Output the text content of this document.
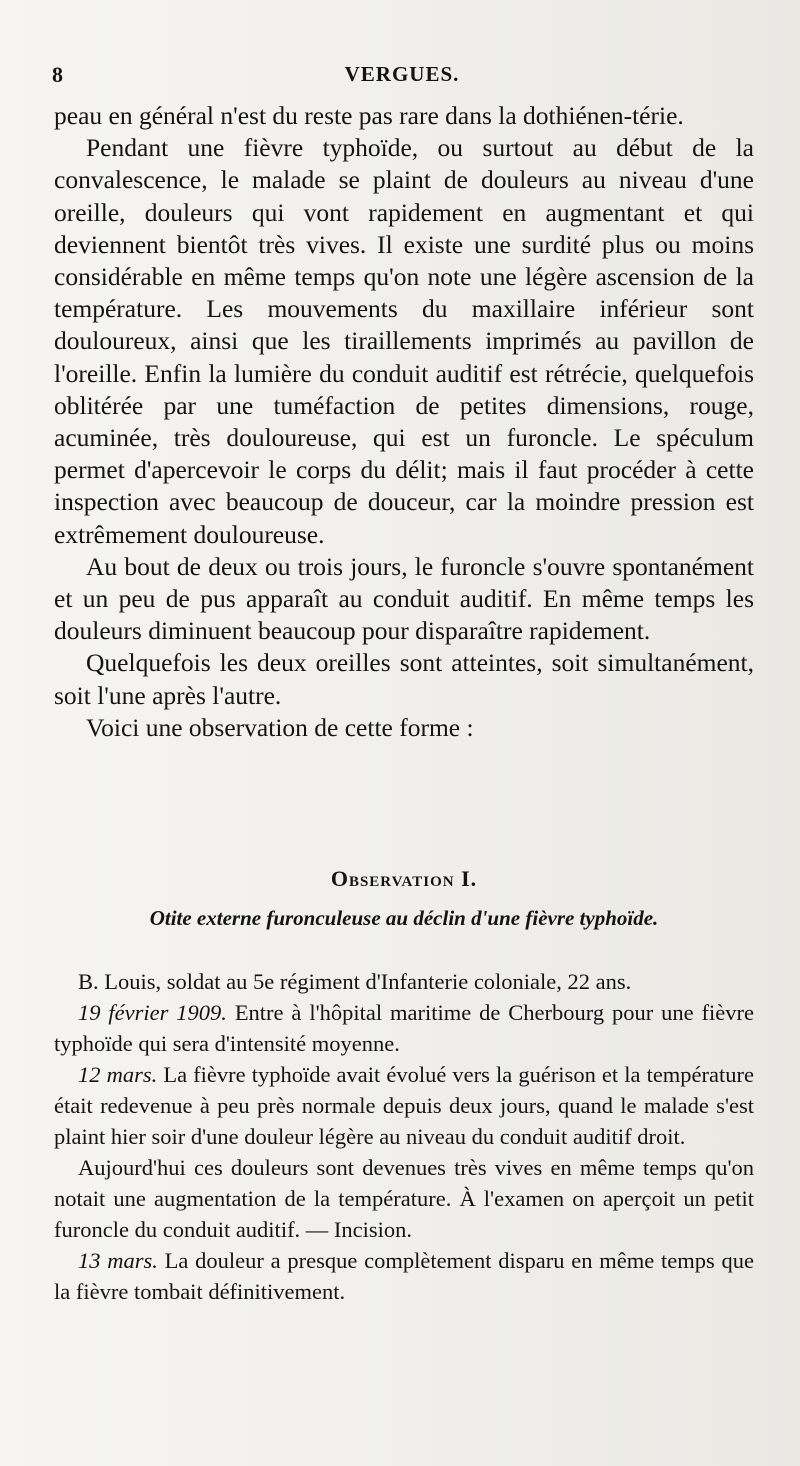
8	VERGUES.

peau en général n'est du reste pas rare dans la dothiénen-térie.

Pendant une fièvre typhoïde, ou surtout au début de la convalescence, le malade se plaint de douleurs au niveau d'une oreille, douleurs qui vont rapidement en augmentant et qui deviennent bientôt très vives. Il existe une surdité plus ou moins considérable en même temps qu'on note une légère ascension de la température. Les mouvements du maxillaire inférieur sont douloureux, ainsi que les tiraillements imprimés au pavillon de l'oreille. Enfin la lumière du conduit auditif est rétrécie, quelquefois oblitérée par une tuméfaction de petites dimensions, rouge, acuminée, très douloureuse, qui est un furoncle. Le spéculum permet d'apercevoir le corps du délit; mais il faut procéder à cette inspection avec beaucoup de douceur, car la moindre pression est extrêmement douloureuse.

Au bout de deux ou trois jours, le furoncle s'ouvre spontanément et un peu de pus apparaît au conduit auditif. En même temps les douleurs diminuent beaucoup pour disparaître rapidement.

Quelquefois les deux oreilles sont atteintes, soit simultanément, soit l'une après l'autre.

Voici une observation de cette forme :

Observation I.
Otite externe furonculeuse au déclin d'une fièvre typhoïde.

B. Louis, soldat au 5e régiment d'Infanterie coloniale, 22 ans.

19 février 1909. Entre à l'hôpital maritime de Cherbourg pour une fièvre typhoïde qui sera d'intensité moyenne.

12 mars. La fièvre typhoïde avait évolué vers la guérison et la température était redevenue à peu près normale depuis deux jours, quand le malade s'est plaint hier soir d'une douleur légère au niveau du conduit auditif droit.

Aujourd'hui ces douleurs sont devenues très vives en même temps qu'on notait une augmentation de la température. À l'examen on aperçoit un petit furoncle du conduit auditif. — Incision.

13 mars. La douleur a presque complètement disparu en même temps que la fièvre tombait définitivement.
